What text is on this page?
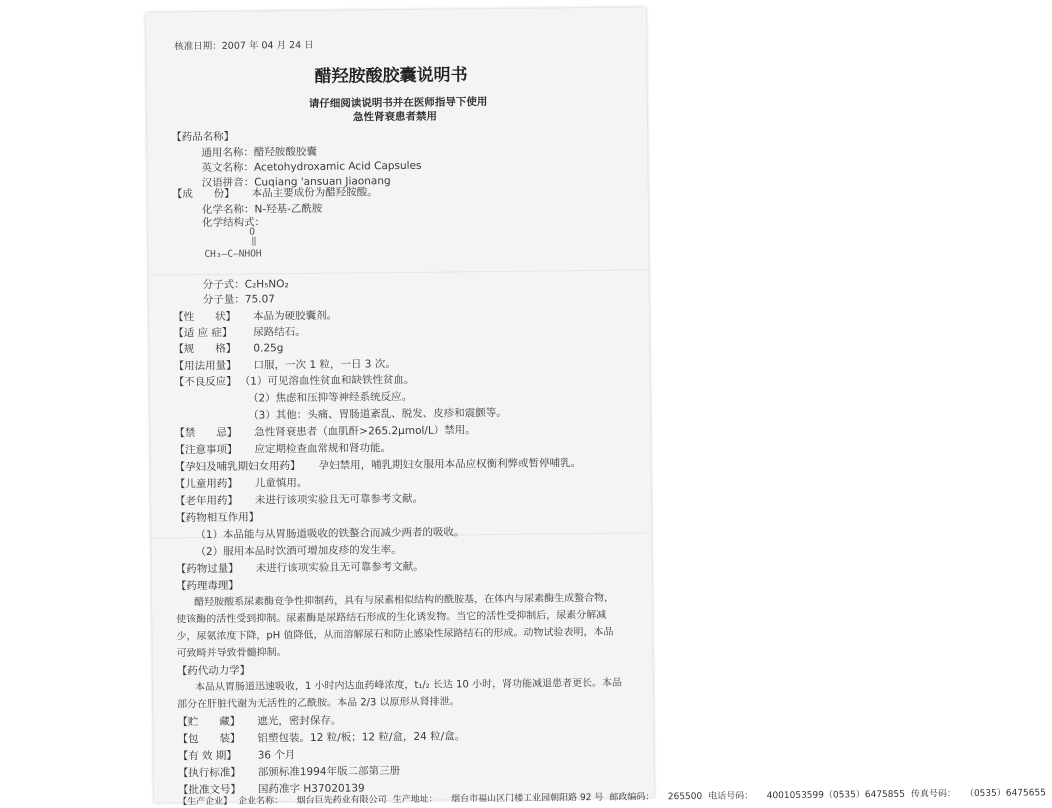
核准日期：2007 年 04 月 24 日
醋羟胺酸胶囊说明书
请仔细阅读说明书并在医师指导下使用
急性肾衰患者禁用
【药品名称】
通用名称：醋羟胺酸胶囊
英文名称：Acetohydroxamic Acid Capsules
汉语拼音：Cuqiang 'ansuan Jiaonang
【成　　份】 本品主要成份为醋羟胺酸。
化学名称：N-羟基-乙酰胺
化学结构式：
O
‖
CH₃—C—NHOH
分子式：C₂H₅NO₂
分子量：75.07
【性　　状】 本品为硬胶囊剂。
【适 应 症】 尿路结石。
【规　　格】 0.25g
【用法用量】 口服，一次 1 粒，一日 3 次。
【不良反应】 （1）可见溶血性贫血和缺铁性贫血。
（2）焦虑和压抑等神经系统反应。
（3）其他：头痛、胃肠道紊乱、脱发、皮疹和震颤等。
【禁　　忌】 急性肾衰患者（血肌酐>265.2μmol/L）禁用。
【注意事项】 应定期检查血常规和肾功能。
【孕妇及哺乳期妇女用药】 孕妇禁用，哺乳期妇女服用本品应权衡利弊或暂停哺乳。
【儿童用药】 儿童慎用。
【老年用药】 未进行该项实验且无可靠参考文献。
【药物相互作用】
（1）本品能与从胃肠道吸收的铁螯合而减少两者的吸收。
（2）服用本品时饮酒可增加皮疹的发生率。
【药物过量】 未进行该项实验且无可靠参考文献。
【药理毒理】
醋羟胺酸系尿素酶竞争性抑制药，具有与尿素相似结构的酰胺基，在体内与尿素酶生成螯合物，
使该酶的活性受到抑制。尿素酶是尿路结石形成的生化诱发物。当它的活性受抑制后，尿素分解减
少，尿氨浓度下降，pH 值降低，从而溶解尿石和防止感染性尿路结石的形成。动物试验表明，本品
可致畸并导致骨髓抑制。
【药代动力学】
本品从胃肠道迅速吸收，1 小时内达血药峰浓度，t₁/₂ 长达 10 小时，肾功能减退患者更长。本品
部分在肝脏代谢为无活性的乙酰胺。本品 2/3 以原形从肾排泄。
【贮　　藏】 遮光，密封保存。
【包　　装】 铝塑包装。12 粒/板；12 粒/盒，24 粒/盒。
【有 效 期】 36 个月
【执行标准】 部颁标准1994年版二部第三册
【批准文号】 国药准字 H37020139
【生产企业】 企业名称：　　烟台巨先药业有限公司 生产地址：　　烟台市福山区门楼工业园朝阳路 92 号 邮政编码：　　265500 电话号码：　　4001053599（0535）6475855 传真号码：　　（0535）6475655
